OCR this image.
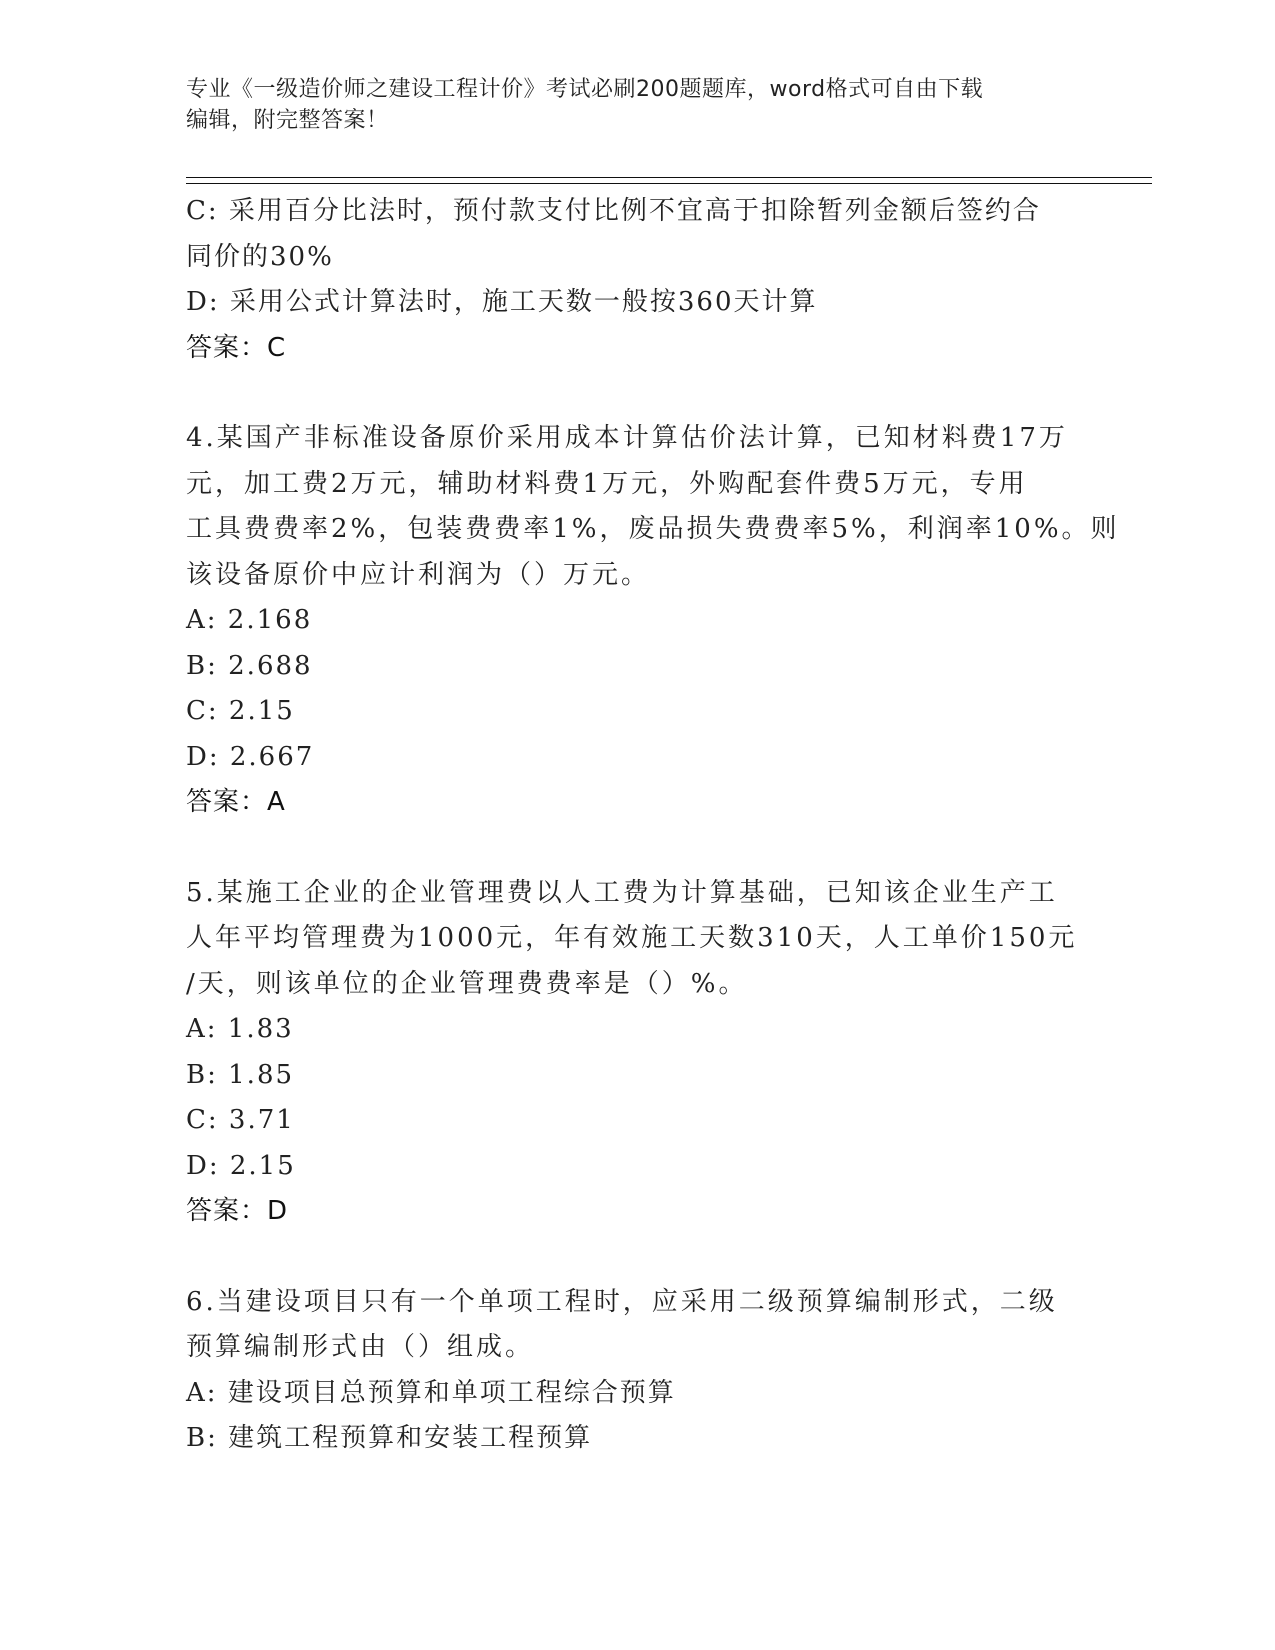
专业《一级造价师之建设工程计价》考试必刷200题题库，word格式可自由下载
编辑，附完整答案！
C: 采用百分比法时，预付款支付比例不宜高于扣除暂列金额后签约合
同价的30%
D: 采用公式计算法时，施工天数一般按360天计算
答案：C
4.某国产非标准设备原价采用成本计算估价法计算，已知材料费17万
元，加工费2万元，辅助材料费1万元，外购配套件费5万元，专用
工具费费率2%，包装费费率1%，废品损失费费率5%，利润率10%。则
该设备原价中应计利润为（）万元。
A: 2.168
B: 2.688
C: 2.15
D: 2.667
答案：A
5.某施工企业的企业管理费以人工费为计算基础，已知该企业生产工
人年平均管理费为1000元，年有效施工天数310天，人工单价150元
/天，则该单位的企业管理费费率是（）%。
A: 1.83
B: 1.85
C: 3.71
D: 2.15
答案：D
6.当建设项目只有一个单项工程时，应采用二级预算编制形式，二级
预算编制形式由（）组成。
A: 建设项目总预算和单项工程综合预算
B: 建筑工程预算和安装工程预算
